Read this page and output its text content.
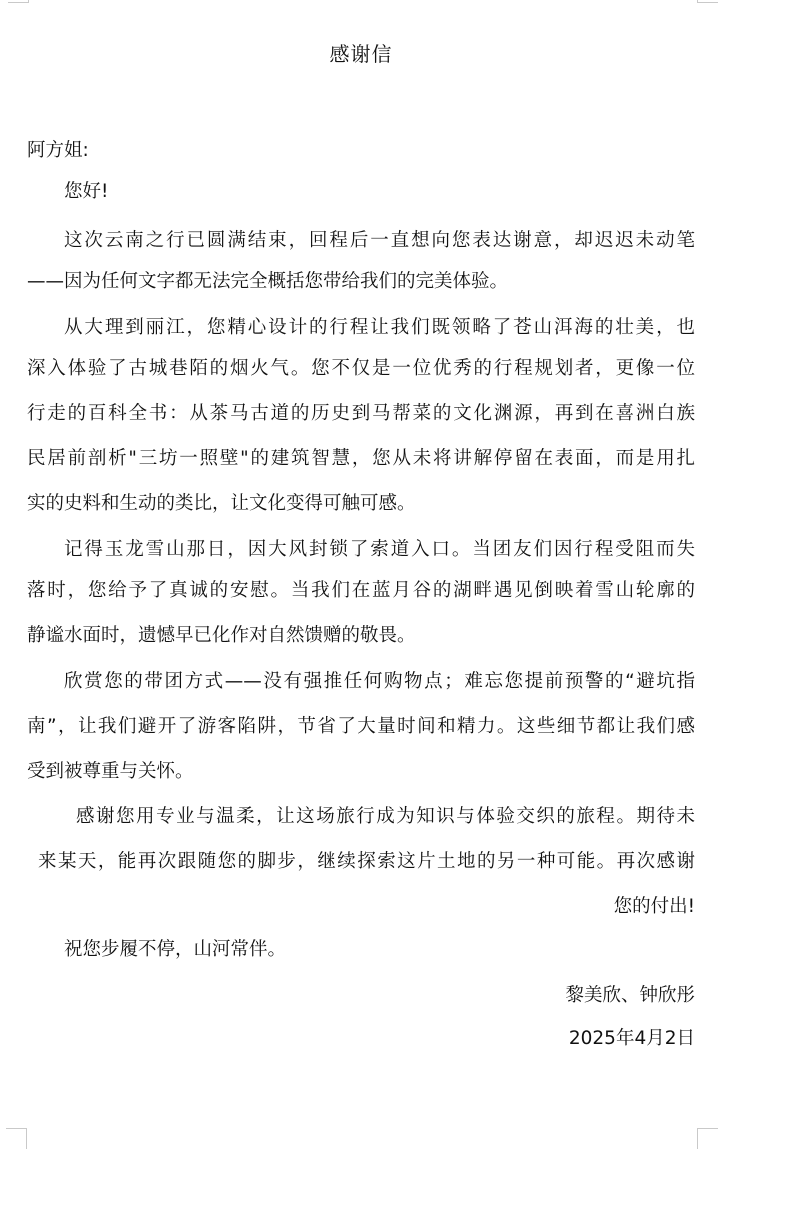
感谢信
阿方姐:
您好!
这次云南之行已圆满结束，回程后一直想向您表达谢意，却迟迟未动笔
——因为任何文字都无法完全概括您带给我们的完美体验。
从大理到丽江，您精心设计的行程让我们既领略了苍山洱海的壮美，也
深入体验了古城巷陌的烟火气。您不仅是一位优秀的行程规划者，更像一位
行走的百科全书：从茶马古道的历史到马帮菜的文化渊源，再到在喜洲白族
民居前剖析"三坊一照壁"的建筑智慧，您从未将讲解停留在表面，而是用扎
实的史料和生动的类比，让文化变得可触可感。
记得玉龙雪山那日，因大风封锁了索道入口。当团友们因行程受阻而失
落时，您给予了真诚的安慰。当我们在蓝月谷的湖畔遇见倒映着雪山轮廓的
静谧水面时，遗憾早已化作对自然馈赠的敬畏。
欣赏您的带团方式——没有强推任何购物点；难忘您提前预警的“避坑指
南”，让我们避开了游客陷阱，节省了大量时间和精力。这些细节都让我们感
受到被尊重与关怀。
感谢您用专业与温柔，让这场旅行成为知识与体验交织的旅程。期待未
来某天，能再次跟随您的脚步，继续探索这片土地的另一种可能。再次感谢
您的付出!
祝您步履不停，山河常伴。
黎美欣、钟欣彤
2025年4月2日
